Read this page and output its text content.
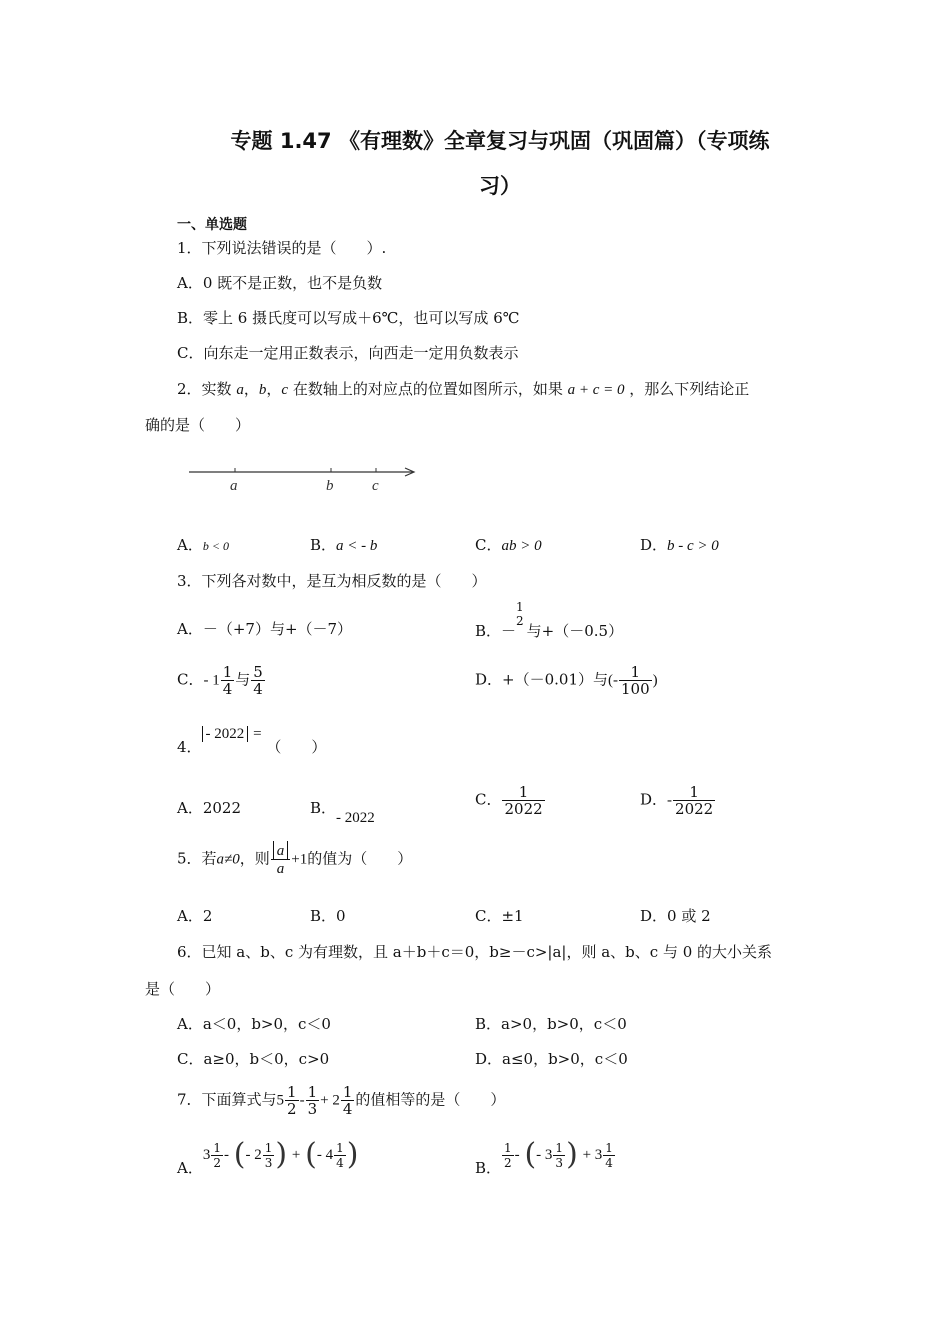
专题 1.47 《有理数》全章复习与巩固（巩固篇）（专项练
习）
一、单选题
1．下列说法错误的是（　　）.
A．0 既不是正数，也不是负数
B．零上 6 摄氏度可以写成＋6℃，也可以写成 6℃
C．向东走一定用正数表示，向西走一定用负数表示
2．实数 a，b，c 在数轴上的对应点的位置如图所示，如果 a + c = 0 ，那么下列结论正
确的是（　　）
a	b	c
A．b < 0	B．a < - b	C．ab > 0	D．b - c > 0
3．下列各对数中，是互为相反数的是（　　）
A．－（+7）与+（－7）	B．－
1
2
与+（－0.5）
C．- $1 \frac{1}{4}$ 与 $\frac{5}{4}$	D．+（－0.01）与(- $\frac{1}{100}$ )
4．- 2022 = （　　）
A．2022	B．- 2022
C． $\frac{1}{2022}$	D．- $\frac{1}{2022}$
5．若a≠0，则 $\frac{a}{a} +1$的值为（　　）
A．2	B．0	C．±1	D．0 或 2
6．已知 a、b、c 为有理数，且 a＋b＋c＝0，b≥－c>|a|，则 a、b、c 与 0 的大小关系
是（　　）
A．a＜0，b>0，c＜0	B．a>0，b>0，c＜0
C．a≥0，b＜0，c>0	D．a≤0，b>0，c＜0
7．下面算式与$5 \frac{1}{2} - \frac{1}{3} + 2 \frac{1}{4}$ 的值相等的是（　　）
A．$3 \frac{1}{2}$ - (- $2 \frac{1}{3}$ ) + (- $4 \frac{1}{4}$ )	B． $\frac{1}{2}$ - (- $3 \frac{1}{3}$ ) + $3 \frac{1}{4}$
